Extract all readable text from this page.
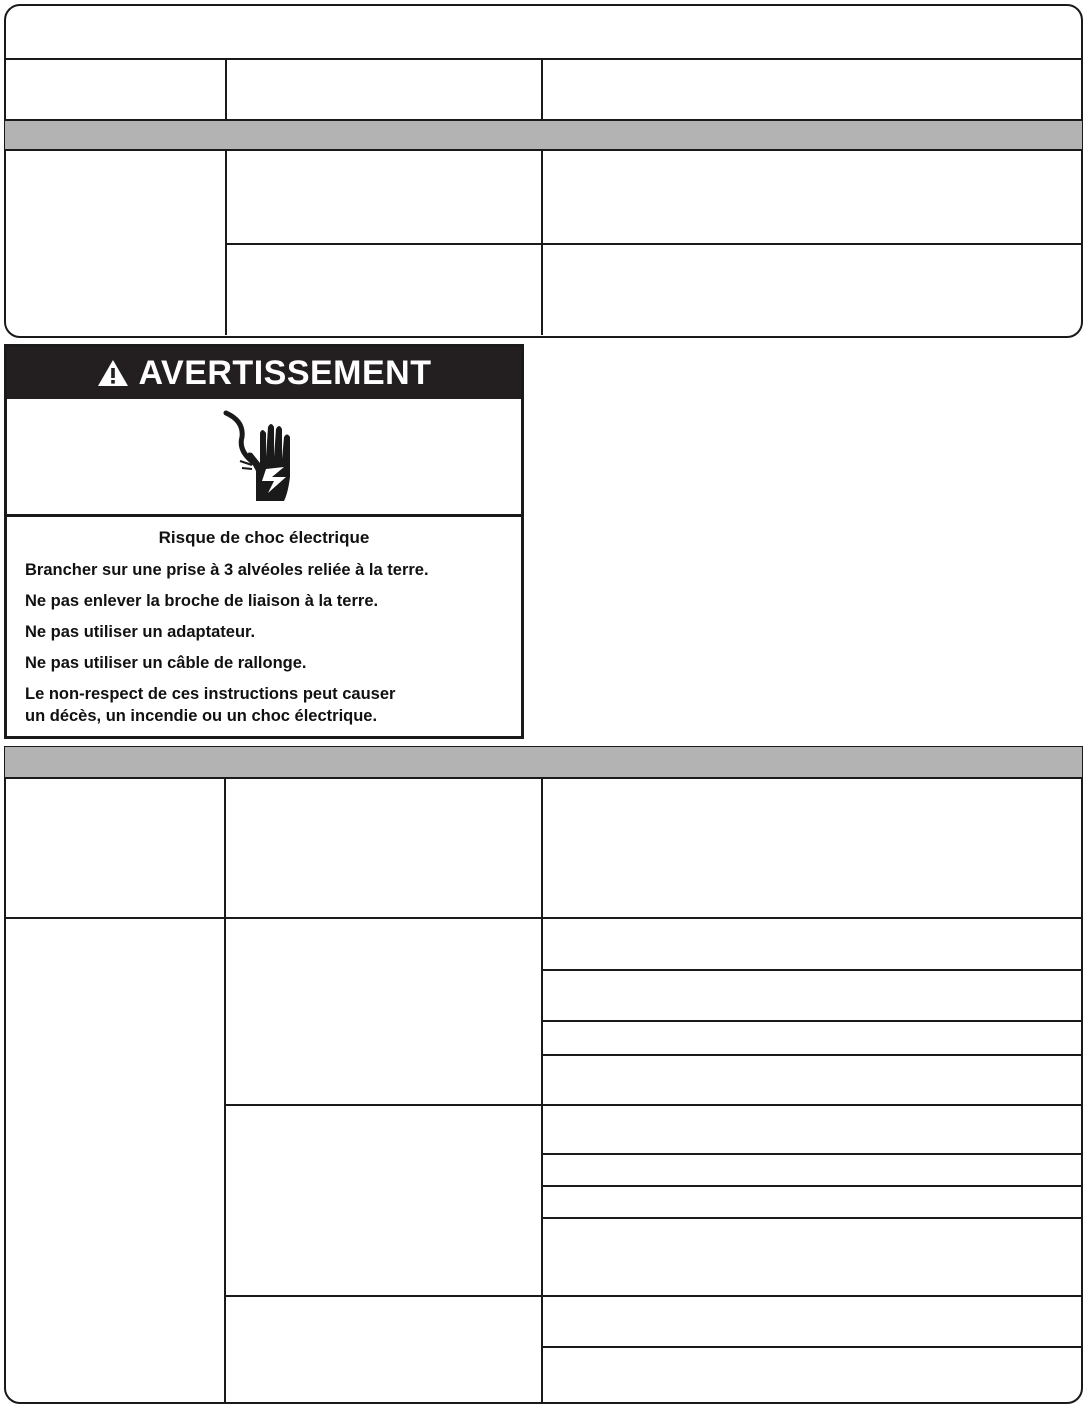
AVERTISSEMENT

Risque de choc électrique

Brancher sur une prise à 3 alvéoles reliée à la terre.

Ne pas enlever la broche de liaison à la terre.

Ne pas utiliser un adaptateur.

Ne pas utiliser un câble de rallonge.

Le non-respect de ces instructions peut causer
un décès, un incendie ou un choc électrique.
